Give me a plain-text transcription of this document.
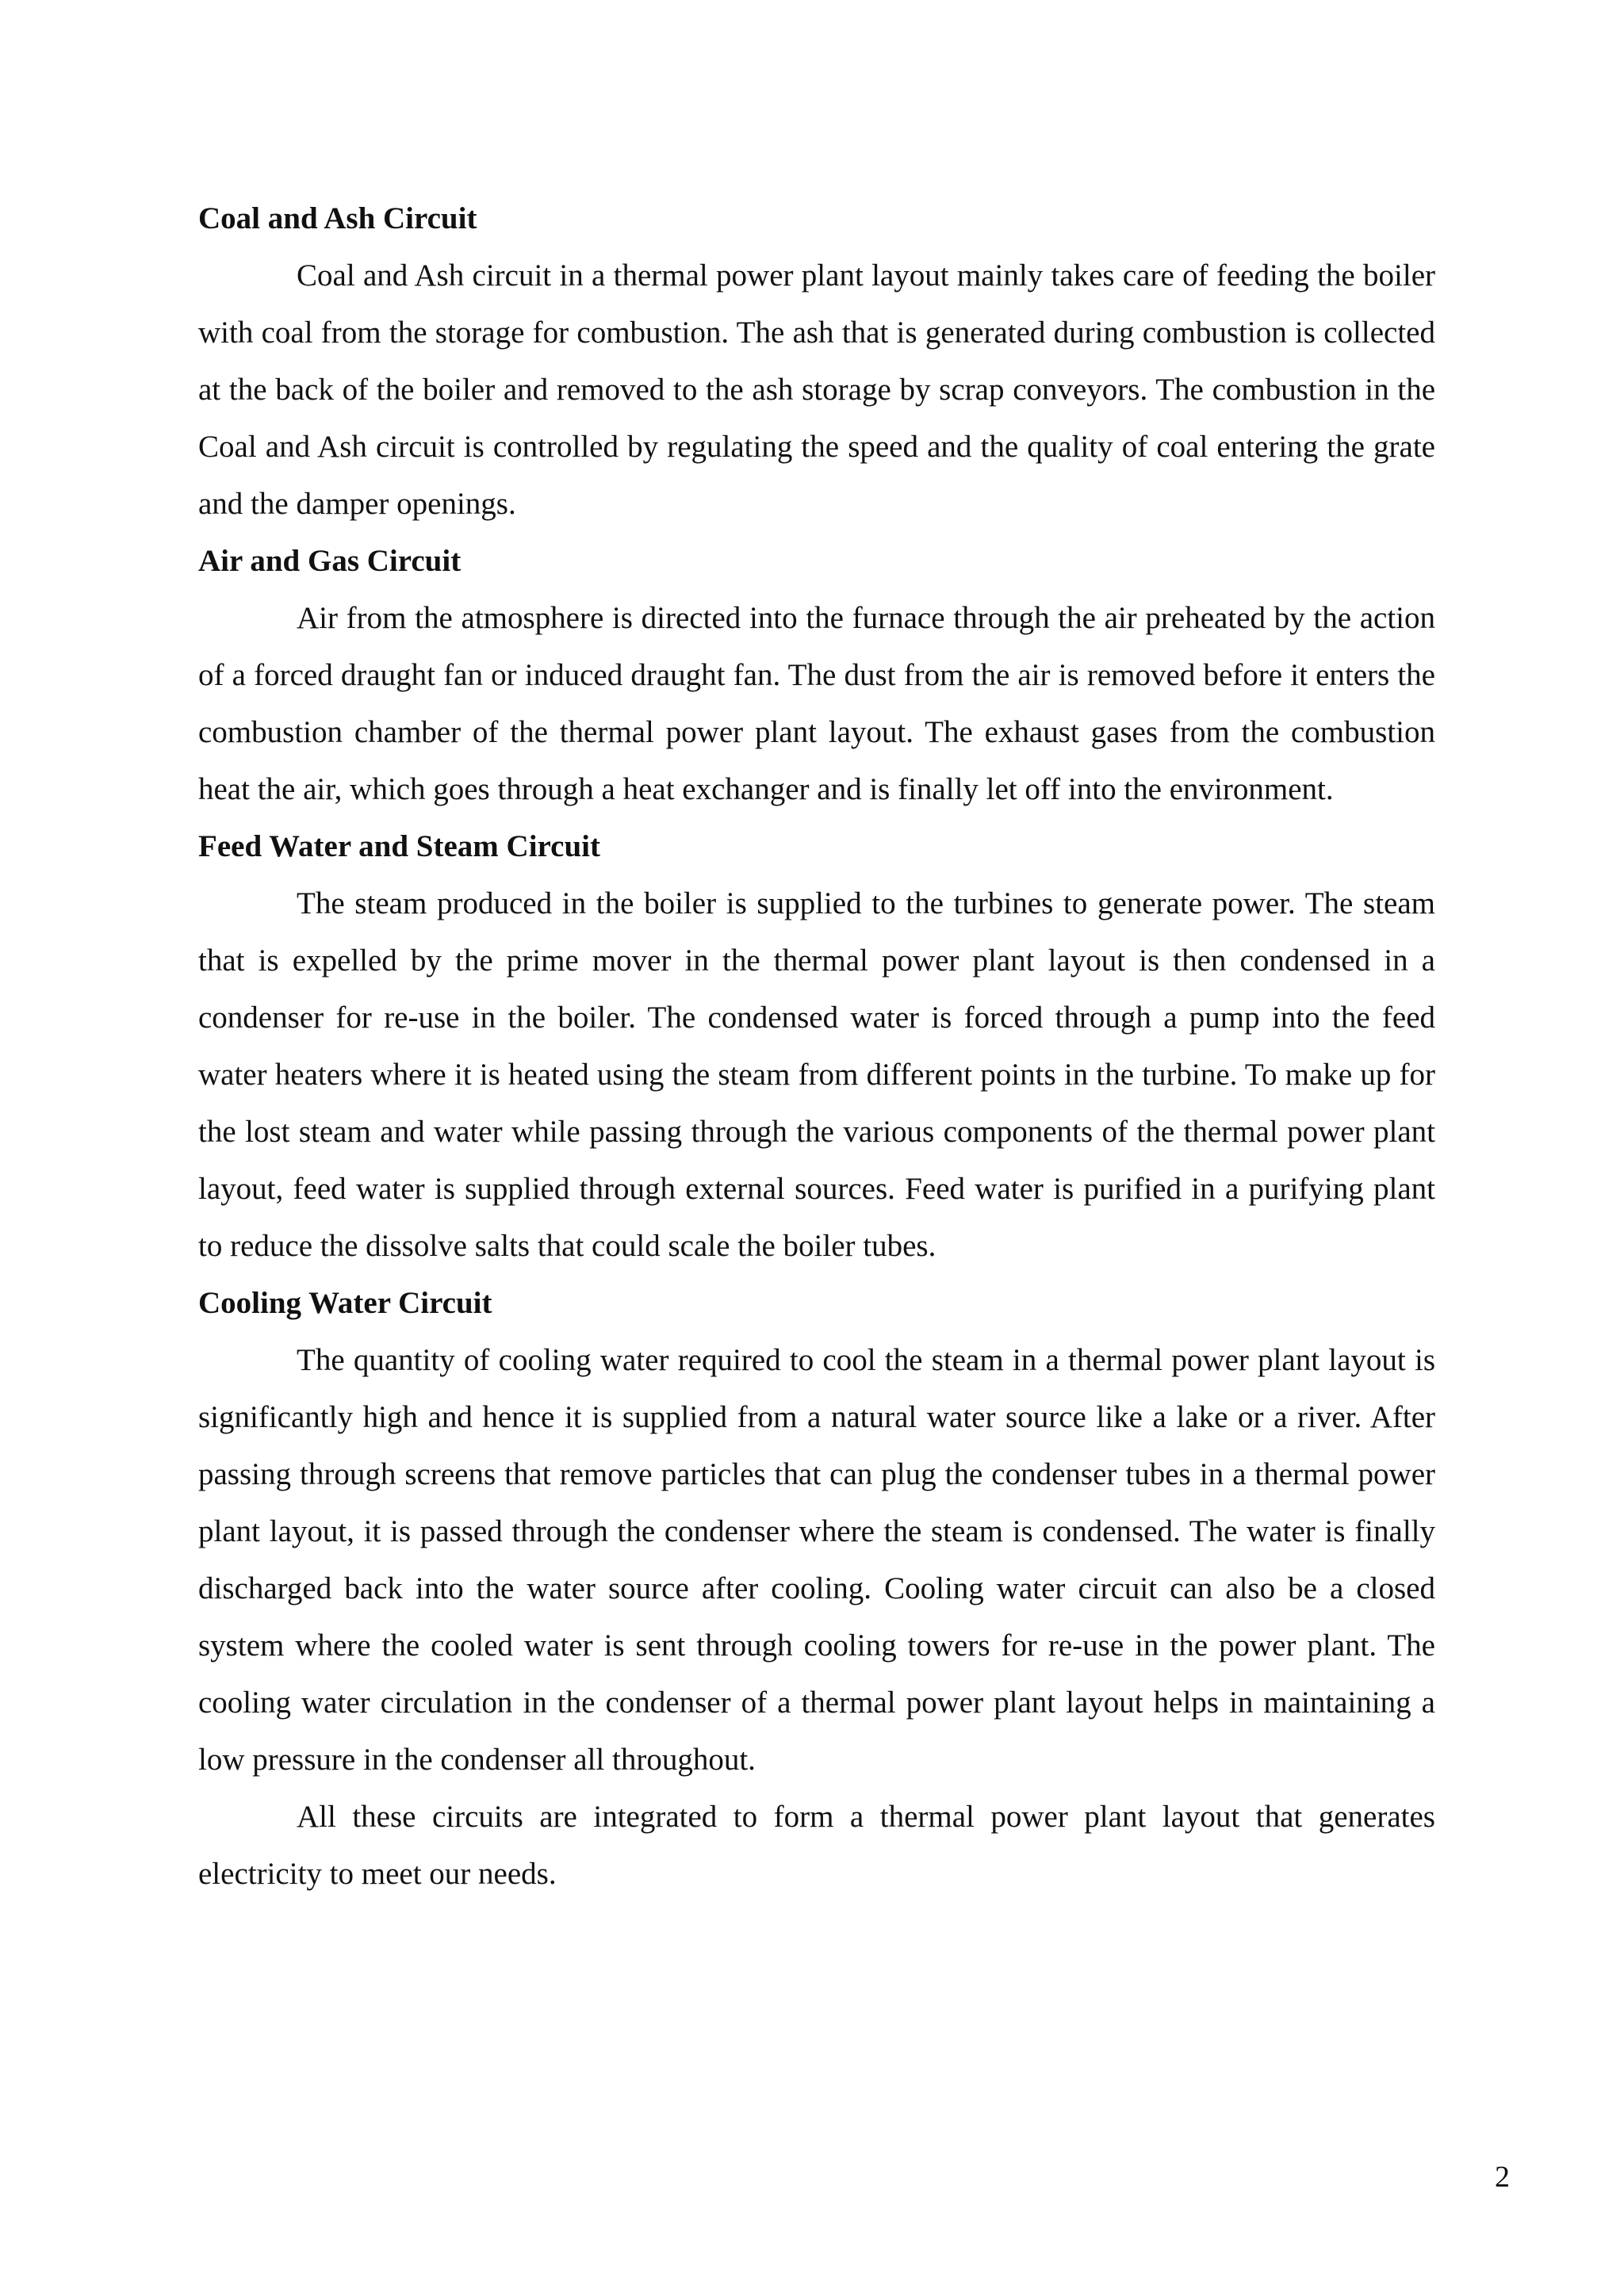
Coal and Ash Circuit

Coal and Ash circuit in a thermal power plant layout mainly takes care of feeding the boiler with coal from the storage for combustion. The ash that is generated during combustion is collected at the back of the boiler and removed to the ash storage by scrap conveyors. The combustion in the Coal and Ash circuit is controlled by regulating the speed and the quality of coal entering the grate and the damper openings.

Air and Gas Circuit

Air from the atmosphere is directed into the furnace through the air preheated by the action of a forced draught fan or induced draught fan. The dust from the air is removed before it enters the combustion chamber of the thermal power plant layout. The exhaust gases from the combustion heat the air, which goes through a heat exchanger and is finally let off into the environment.

Feed Water and Steam Circuit

The steam produced in the boiler is supplied to the turbines to generate power. The steam that is expelled by the prime mover in the thermal power plant layout is then condensed in a condenser for re-use in the boiler. The condensed water is forced through a pump into the feed water heaters where it is heated using the steam from different points in the turbine. To make up for the lost steam and water while passing through the various components of the thermal power plant layout, feed water is supplied through external sources. Feed water is purified in a purifying plant to reduce the dissolve salts that could scale the boiler tubes.

Cooling Water Circuit

The quantity of cooling water required to cool the steam in a thermal power plant layout is significantly high and hence it is supplied from a natural water source like a lake or a river. After passing through screens that remove particles that can plug the condenser tubes in a thermal power plant layout, it is passed through the condenser where the steam is condensed. The water is finally discharged back into the water source after cooling. Cooling water circuit can also be a closed system where the cooled water is sent through cooling towers for re-use in the power plant. The cooling water circulation in the condenser of a thermal power plant layout helps in maintaining a low pressure in the condenser all throughout.

All these circuits are integrated to form a thermal power plant layout that generates electricity to meet our needs.

2
